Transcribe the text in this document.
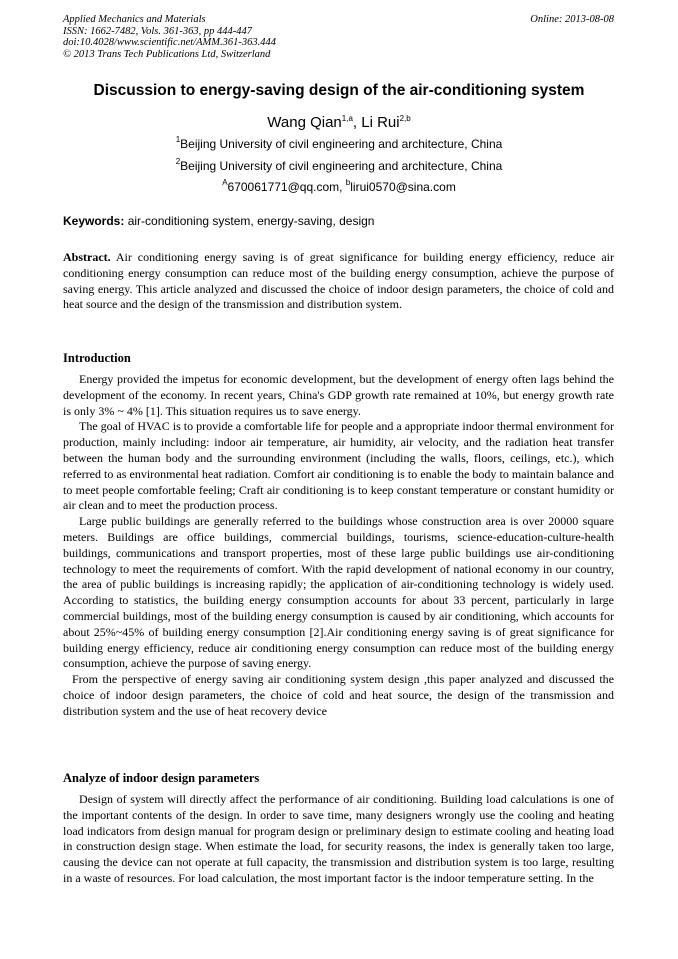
Applied Mechanics and Materials
ISSN: 1662-7482, Vols. 361-363, pp 444-447
doi:10.4028/www.scientific.net/AMM.361-363.444
© 2013 Trans Tech Publications Ltd, Switzerland
Online: 2013-08-08
Discussion to energy-saving design of the air-conditioning system
Wang Qian$^{1,a}$, Li Rui$^{2,b}$
$^1$Beijing University of civil engineering and architecture, China
$^2$Beijing University of civil engineering and architecture, China
$^A$670061771@qq.com, $^b$lirui0570@sina.com
Keywords: air-conditioning system, energy-saving, design

Abstract. Air conditioning energy saving is of great significance for building energy efficiency, reduce air conditioning energy consumption can reduce most of the building energy consumption, achieve the purpose of saving energy. This article analyzed and discussed the choice of indoor design parameters, the choice of cold and heat source and the design of the transmission and distribution system.

Introduction

Energy provided the impetus for economic development, but the development of energy often lags behind the development of the economy. In recent years, China's GDP growth rate remained at 10%, but energy growth rate is only 3% ~ 4% [1]. This situation requires us to save energy.

The goal of HVAC is to provide a comfortable life for people and a appropriate indoor thermal environment for production, mainly including: indoor air temperature, air humidity, air velocity, and the radiation heat transfer between the human body and the surrounding environment (including the walls, floors, ceilings, etc.), which referred to as environmental heat radiation. Comfort air conditioning is to enable the body to maintain balance and to meet people comfortable feeling; Craft air conditioning is to keep constant temperature or constant humidity or air clean and to meet the production process.

Large public buildings are generally referred to the buildings whose construction area is over 20000 square meters. Buildings are office buildings, commercial buildings, tourisms, science-education-culture-health buildings, communications and transport properties, most of these large public buildings use air-conditioning technology to meet the requirements of comfort. With the rapid development of national economy in our country, the area of public buildings is increasing rapidly; the application of air-conditioning technology is widely used. According to statistics, the building energy consumption accounts for about 33 percent, particularly in large commercial buildings, most of the building energy consumption is caused by air conditioning, which accounts for about 25%~45% of building energy consumption [2].Air conditioning energy saving is of great significance for building energy efficiency, reduce air conditioning energy consumption can reduce most of the building energy consumption, achieve the purpose of saving energy.

From the perspective of energy saving air conditioning system design ,this paper analyzed and discussed the choice of indoor design parameters, the choice of cold and heat source, the design of the transmission and distribution system and the use of heat recovery device

Analyze of indoor design parameters

Design of system will directly affect the performance of air conditioning. Building load calculations is one of the important contents of the design. In order to save time, many designers wrongly use the cooling and heating load indicators from design manual for program design or preliminary design to estimate cooling and heating load in construction design stage. When estimate the load, for security reasons, the index is generally taken too large, causing the device can not operate at full capacity, the transmission and distribution system is too large, resulting in a waste of resources. For load calculation, the most important factor is the indoor temperature setting. In the
